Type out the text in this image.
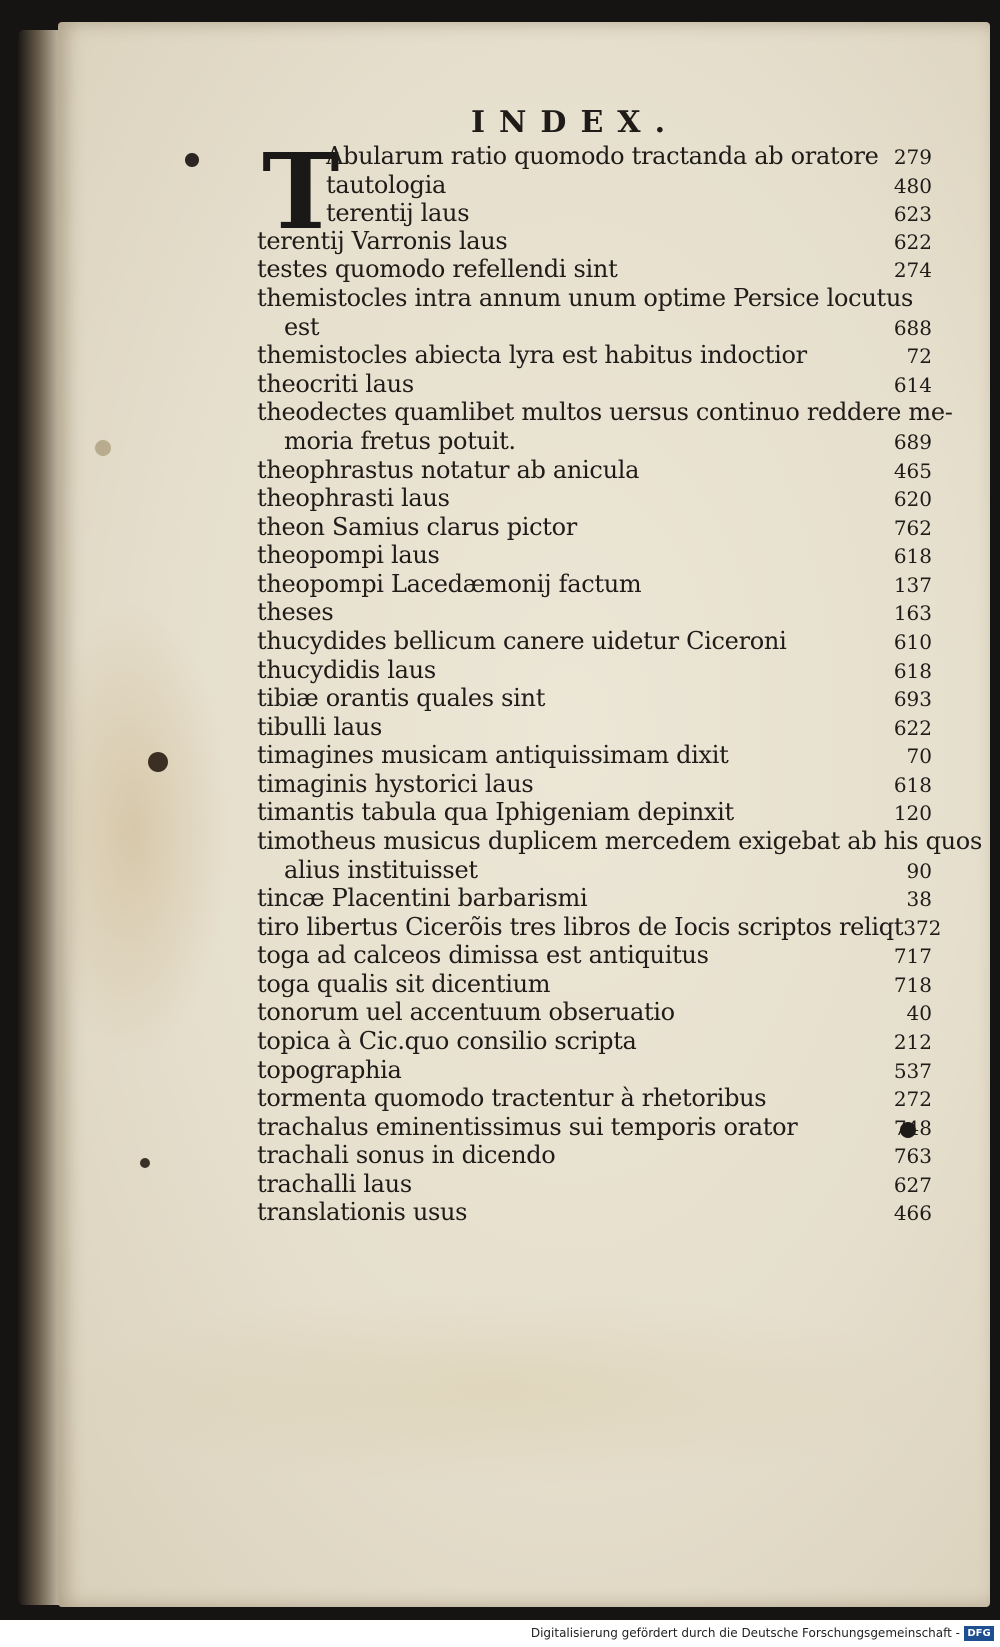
INDEX.
T
Abularum ratio quomodo tractanda ab oratore 279
tautologia	480
terentij laus	623
terentij Varronis laus	622
testes quomodo refellendi sint	274
themistocles intra annum unum optime Persice locutus
est	688
themistocles abiecta lyra est habitus indoctior	72
theocriti laus	614
theodectes quamlibet multos uersus continuo reddere me-
moria fretus potuit.	689
theophrastus notatur ab anicula	465
theophrasti laus	620
theon Samius clarus pictor	762
theopompi laus	618
theopompi Lacedæmonij factum	137
theses	163
thucydides bellicum canere uidetur Ciceroni	610
thucydidis laus	618
tibiæ orantis quales sint	693
tibulli laus	622
timagines musicam antiquissimam dixit	70
timaginis hystorici laus	618
timantis tabula qua Iphigeniam depinxit	120
timotheus musicus duplicem mercedem exigebat ab his quos
alius instituisset	90
tincæ Placentini barbarismi	38
tiro libertus Cicerõis tres libros de Iocis scriptos reliqt 372
toga ad calceos dimissa est antiquitus	717
toga qualis sit dicentium	718
tonorum uel accentuum obseruatio	40
topica à Cic.quo consilio scripta	212
topographia	537
tormenta quomodo tractentur à rhetoribus	272
trachalus eminentissimus sui temporis orator	748
trachali sonus in dicendo	763
trachalli laus	627
translationis usus	466
Digitalisierung gefördert durch die Deutsche Forschungsgemeinschaft - DFG
